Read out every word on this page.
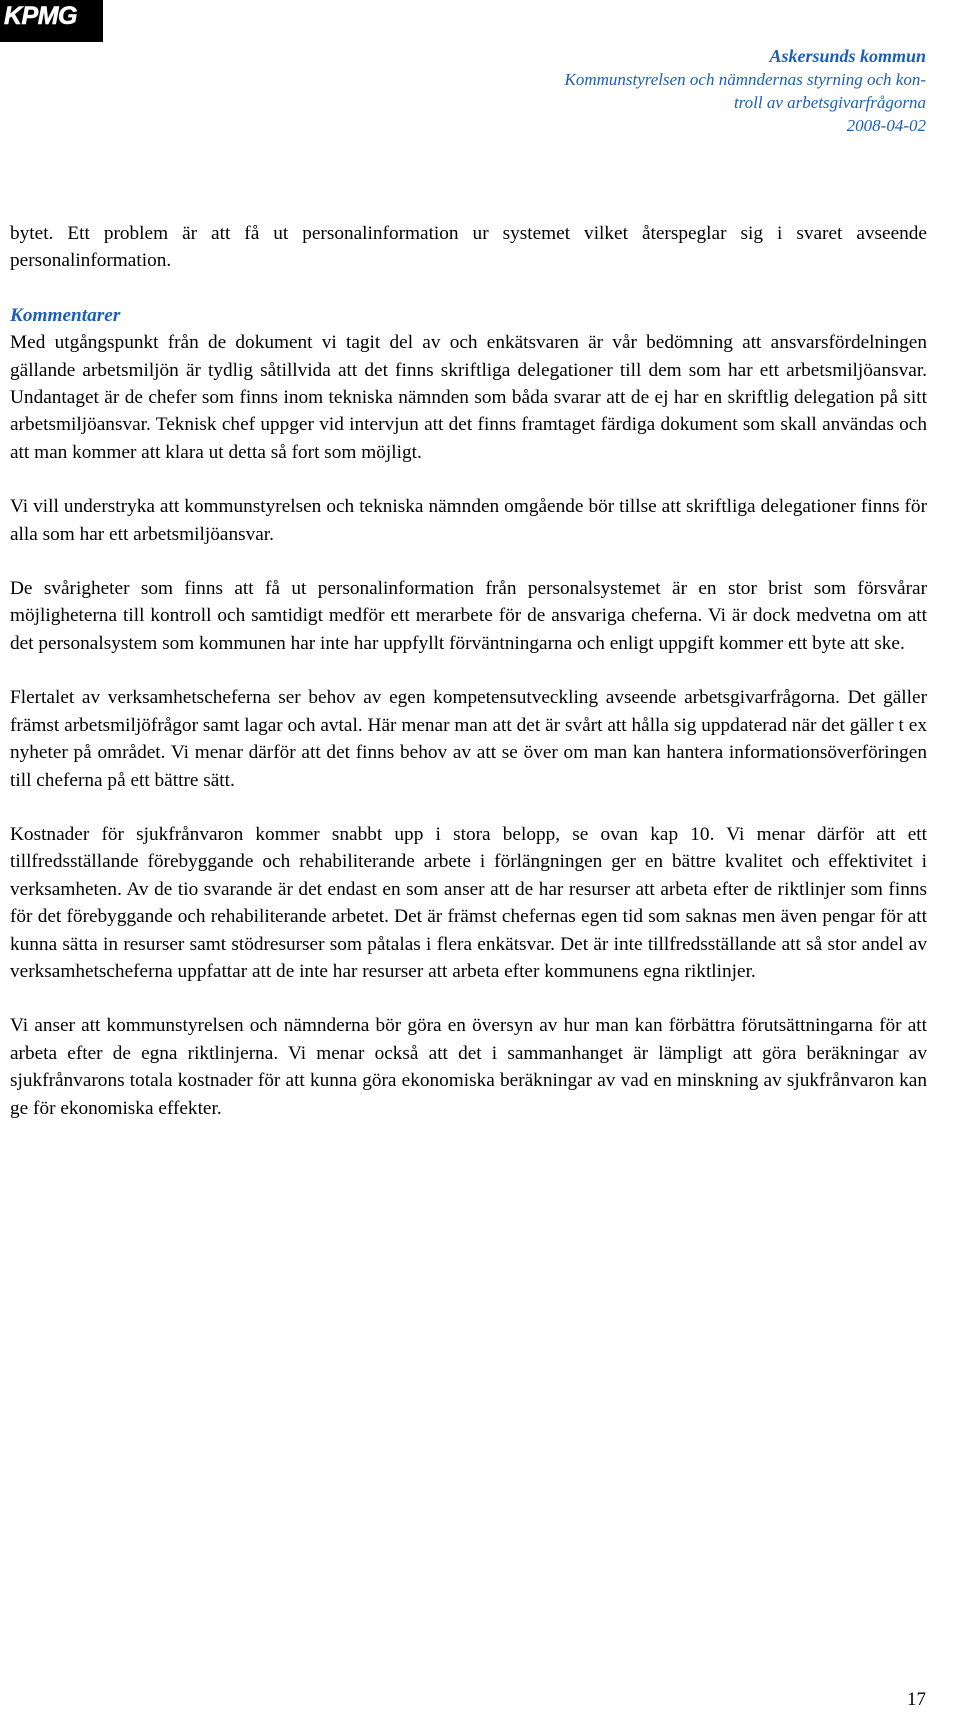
KPMG
Askersunds kommun
Kommunstyrelsen och nämndernas styrning och kon-
troll av arbetsgivarfrågorna
2008-04-02

bytet. Ett problem är att få ut personalinformation ur systemet vilket återspeglar sig i svaret avseende personalinformation.

Kommentarer

Med utgångspunkt från de dokument vi tagit del av och enkätsvaren är vår bedömning att ansvarsfördelningen gällande arbetsmiljön är tydlig såtillvida att det finns skriftliga delegationer till dem som har ett arbetsmiljöansvar. Undantaget är de chefer som finns inom tekniska nämnden som båda svarar att de ej har en skriftlig delegation på sitt arbetsmiljöansvar. Teknisk chef uppger vid intervjun att det finns framtaget färdiga dokument som skall användas och att man kommer att klara ut detta så fort som möjligt.

Vi vill understryka att kommunstyrelsen och tekniska nämnden omgående bör tillse att skriftliga delegationer finns för alla som har ett arbetsmiljöansvar.

De svårigheter som finns att få ut personalinformation från personalsystemet är en stor brist som försvårar möjligheterna till kontroll och samtidigt medför ett merarbete för de ansvariga cheferna. Vi är dock medvetna om att det personalsystem som kommunen har inte har uppfyllt förväntningarna och enligt uppgift kommer ett byte att ske.

Flertalet av verksamhetscheferna ser behov av egen kompetensutveckling avseende arbetsgivarfrågorna. Det gäller främst arbetsmiljöfrågor samt lagar och avtal. Här menar man att det är svårt att hålla sig uppdaterad när det gäller t ex nyheter på området. Vi menar därför att det finns behov av att se över om man kan hantera informationsöverföringen till cheferna på ett bättre sätt.

Kostnader för sjukfrånvaron kommer snabbt upp i stora belopp, se ovan kap 10. Vi menar därför att ett tillfredsställande förebyggande och rehabiliterande arbete i förlängningen ger en bättre kvalitet och effektivitet i verksamheten. Av de tio svarande är det endast en som anser att de har resurser att arbeta efter de riktlinjer som finns för det förebyggande och rehabiliterande arbetet. Det är främst chefernas egen tid som saknas men även pengar för att kunna sätta in resurser samt stödresurser som påtalas i flera enkätsvar. Det är inte tillfredsställande att så stor andel av verksamhetscheferna uppfattar att de inte har resurser att arbeta efter kommunens egna riktlinjer.

Vi anser att kommunstyrelsen och nämnderna bör göra en översyn av hur man kan förbättra förutsättningarna för att arbeta efter de egna riktlinjerna. Vi menar också att det i sammanhanget är lämpligt att göra beräkningar av sjukfrånvarons totala kostnader för att kunna göra ekonomiska beräkningar av vad en minskning av sjukfrånvaron kan ge för ekonomiska effekter.

17
